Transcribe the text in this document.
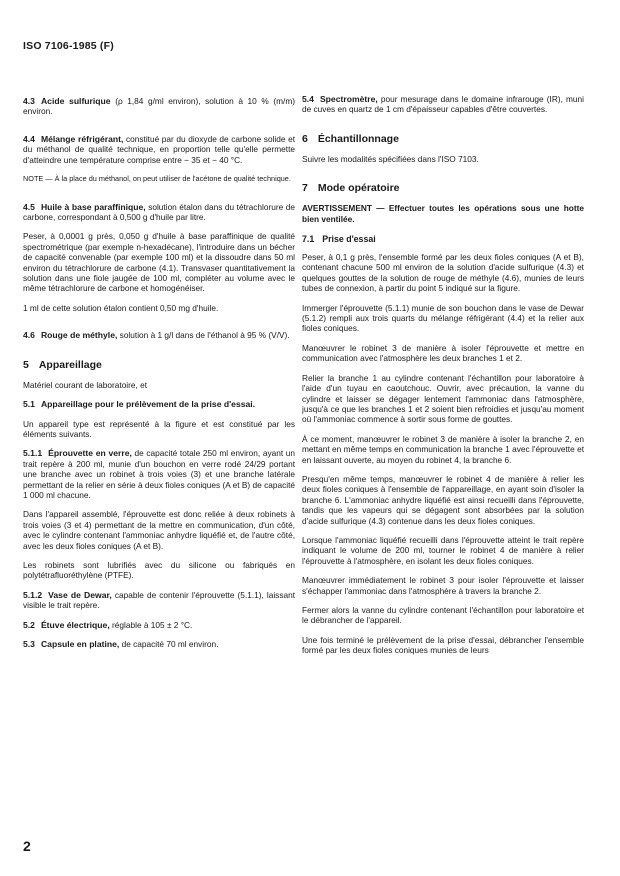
ISO 7106-1985 (F)

4.3 Acide sulfurique (ρ 1,84 g/ml environ), solution à 10 % (m/m) environ.

4.4 Mélange réfrigérant, constitué par du dioxyde de carbone solide et du méthanol de qualité technique, en proportion telle qu'elle permette d'atteindre une température comprise entre − 35 et − 40 °C.

NOTE — À la place du méthanol, on peut utiliser de l'acétone de qualité technique.

4.5 Huile à base paraffinique, solution étalon dans du tétrachlorure de carbone, correspondant à 0,500 g d'huile par litre.

Peser, à 0,0001 g près, 0,050 g d'huile à base paraffinique de qualité spectrométrique (par exemple n-hexadécane), l'introduire dans un bécher de capacité convenable (par exemple 100 ml) et la dissoudre dans 50 ml environ du tétrachlorure de carbone (4.1). Transvaser quantitativement la solution dans une fiole jaugée de 100 ml, compléter au volume avec le même tétrachlorure de carbone et homogénéiser.

1 ml de cette solution étalon contient 0,50 mg d'huile.

4.6 Rouge de méthyle, solution à 1 g/l dans de l'éthanol à 95 % (V/V).

5 Appareillage

Matériel courant de laboratoire, et

5.1 Appareillage pour le prélèvement de la prise d'essai.

Un appareil type est représenté à la figure et est constitué par les éléments suivants.

5.1.1 Éprouvette en verre, de capacité totale 250 ml environ, ayant un trait repère à 200 ml, munie d'un bouchon en verre rodé 24/29 portant une branche avec un robinet à trois voies (3) et une branche latérale permettant de la relier en série à deux fioles coniques (A et B) de capacité 1 000 ml chacune.

Dans l'appareil assemblé, l'éprouvette est donc reliée à deux robinets à trois voies (3 et 4) permettant de la mettre en communication, d'un côté, avec le cylindre contenant l'ammoniac anhydre liquéfié et, de l'autre côté, avec les deux fioles coniques (A et B).

Les robinets sont lubrifiés avec du silicone ou fabriqués en polytétrafluoréthylène (PTFE).

5.1.2 Vase de Dewar, capable de contenir l'éprouvette (5.1.1), laissant visible le trait repère.

5.2 Étuve électrique, réglable à 105 ± 2 °C.

5.3 Capsule en platine, de capacité 70 ml environ.

5.4 Spectromètre, pour mesurage dans le domaine infrarouge (IR), muni de cuves en quartz de 1 cm d'épaisseur capables d'être couvertes.

6 Échantillonnage

Suivre les modalités spécifiées dans l'ISO 7103.

7 Mode opératoire

AVERTISSEMENT — Effectuer toutes les opérations sous une hotte bien ventilée.

7.1 Prise d'essai

Peser, à 0,1 g près, l'ensemble formé par les deux fioles coniques (A et B), contenant chacune 500 ml environ de la solution d'acide sulfurique (4.3) et quelques gouttes de la solution de rouge de méthyle (4.6), munies de leurs tubes de connexion, à partir du point 5 indiqué sur la figure.

Immerger l'éprouvette (5.1.1) munie de son bouchon dans le vase de Dewar (5.1.2) rempli aux trois quarts du mélange réfrigérant (4.4) et la relier aux fioles coniques.

Manœuvrer le robinet 3 de manière à isoler l'éprouvette et mettre en communication avec l'atmosphère les deux branches 1 et 2.

Relier la branche 1 au cylindre contenant l'échantillon pour laboratoire à l'aide d'un tuyau en caoutchouc. Ouvrir, avec précaution, la vanne du cylindre et laisser se dégager lentement l'ammoniac dans l'atmosphère, jusqu'à ce que les branches 1 et 2 soient bien refroidies et jusqu'au moment où l'ammoniac commence à sortir sous forme de gouttes.

À ce moment, manœuvrer le robinet 3 de manière à isoler la branche 2, en mettant en même temps en communication la branche 1 avec l'éprouvette et en laissant ouverte, au moyen du robinet 4, la branche 6.

Presqu'en même temps, manœuvrer le robinet 4 de manière à relier les deux fioles coniques à l'ensemble de l'appareillage, en ayant soin d'isoler la branche 6. L'ammoniac anhydre liquéfié est ainsi recueilli dans l'éprouvette, tandis que les vapeurs qui se dégagent sont absorbées par la solution d'acide sulfurique (4.3) contenue dans les deux fioles coniques.

Lorsque l'ammoniac liquéfié recueilli dans l'éprouvette atteint le trait repère indiquant le volume de 200 ml, tourner le robinet 4 de manière à relier l'éprouvette à l'atmosphère, en isolant les deux fioles coniques.

Manœuvrer immédiatement le robinet 3 pour isoler l'éprouvette et laisser s'échapper l'ammoniac dans l'atmosphère à travers la branche 2.

Fermer alors la vanne du cylindre contenant l'échantillon pour laboratoire et le débrancher de l'appareil.

Une fois terminé le prélèvement de la prise d'essai, débrancher l'ensemble formé par les deux fioles coniques munies de leurs

2
